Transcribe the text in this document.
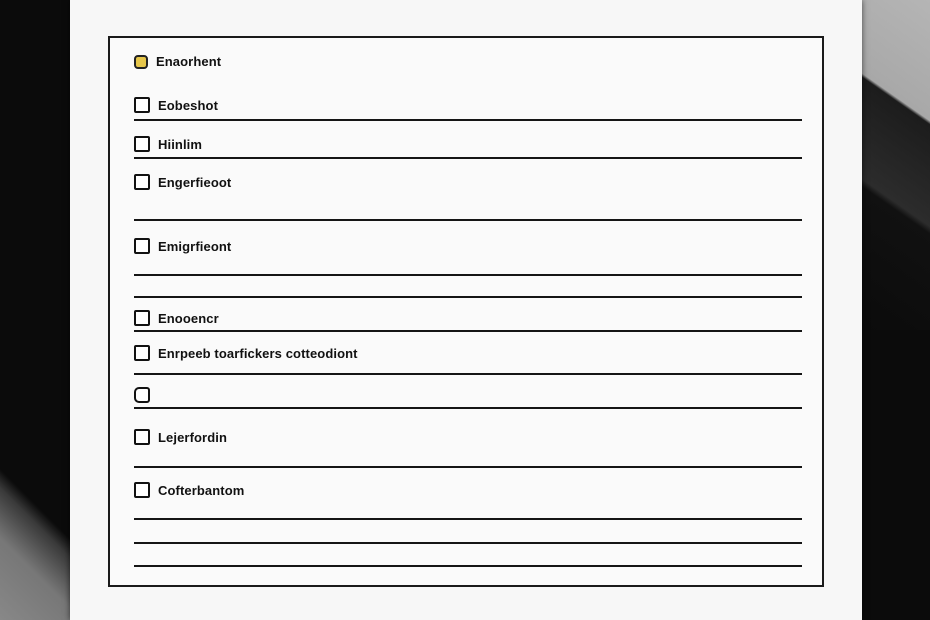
Enaorhent
Eobeshot
Hiinlim
Engerfieoot
Emigrfieont
Enooencr
Enrpeeb toarfickers cotteodiont
Lejerfordin
Cofterbantom
